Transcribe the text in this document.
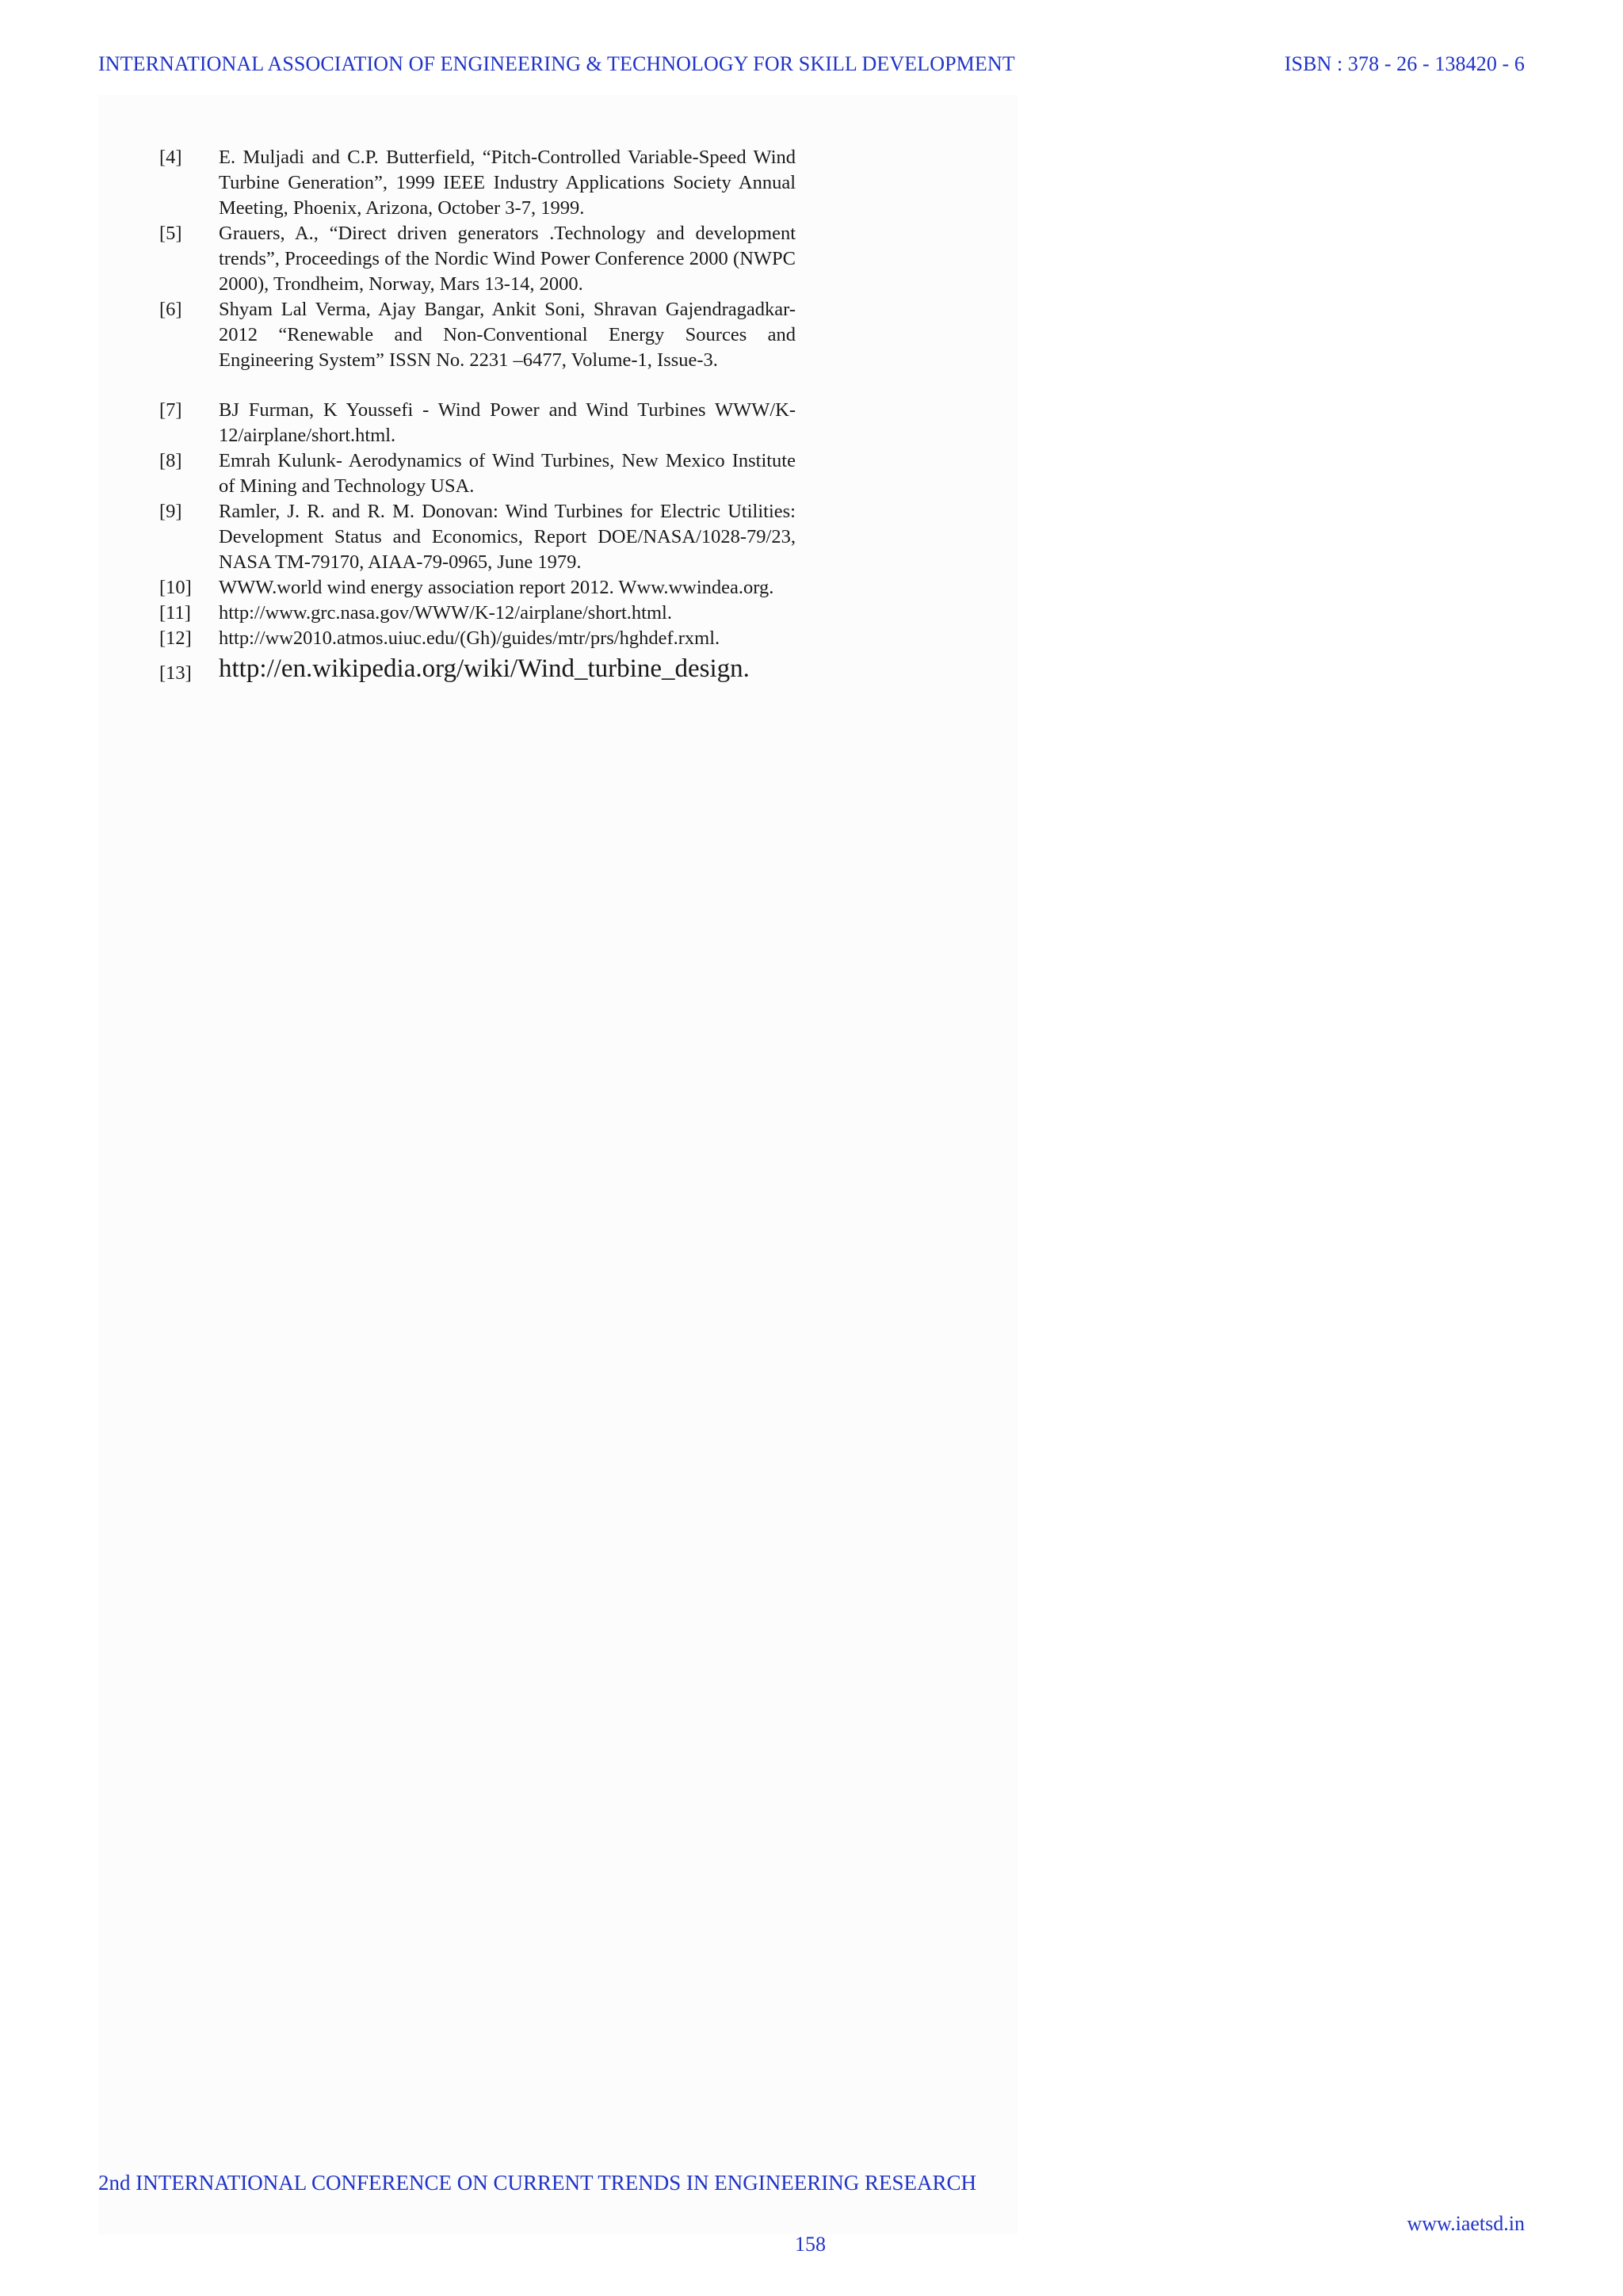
INTERNATIONAL ASSOCIATION OF ENGINEERING & TECHNOLOGY FOR SKILL DEVELOPMENT	ISBN : 378 - 26 - 138420 - 6
[4]	E. Muljadi and C.P. Butterfield, “Pitch-Controlled Variable-Speed Wind Turbine Generation”, 1999 IEEE Industry Applications Society Annual Meeting, Phoenix, Arizona, October 3-7, 1999.
[5]	Grauers, A., “Direct driven generators .Technology and development trends”, Proceedings of the Nordic Wind Power Conference 2000 (NWPC 2000), Trondheim, Norway, Mars 13-14, 2000.
[6]	Shyam Lal Verma, Ajay Bangar, Ankit Soni, Shravan Gajendragadkar-2012 “Renewable and Non-Conventional Energy Sources and Engineering System” ISSN No. 2231 –6477, Volume-1, Issue-3.
[7]	BJ Furman, K Youssefi - Wind Power and Wind Turbines WWW/K-12/airplane/short.html.
[8]	Emrah Kulunk- Aerodynamics of Wind Turbines, New Mexico Institute of Mining and Technology USA.
[9]	Ramler, J. R. and R. M. Donovan: Wind Turbines for Electric Utilities: Development Status and Economics, Report DOE/NASA/1028-79/23, NASA TM-79170, AIAA-79-0965, June 1979.
[10]	WWW.world wind energy association report 2012. Www.wwindea.org.
[11]	http://www.grc.nasa.gov/WWW/K-12/airplane/short.html.
[12]	http://ww2010.atmos.uiuc.edu/(Gh)/guides/mtr/prs/hghdef.rxml.
[13]	http://en.wikipedia.org/wiki/Wind_turbine_design.
2nd INTERNATIONAL CONFERENCE ON CURRENT TRENDS IN ENGINEERING RESEARCH
www.iaetsd.in
158
